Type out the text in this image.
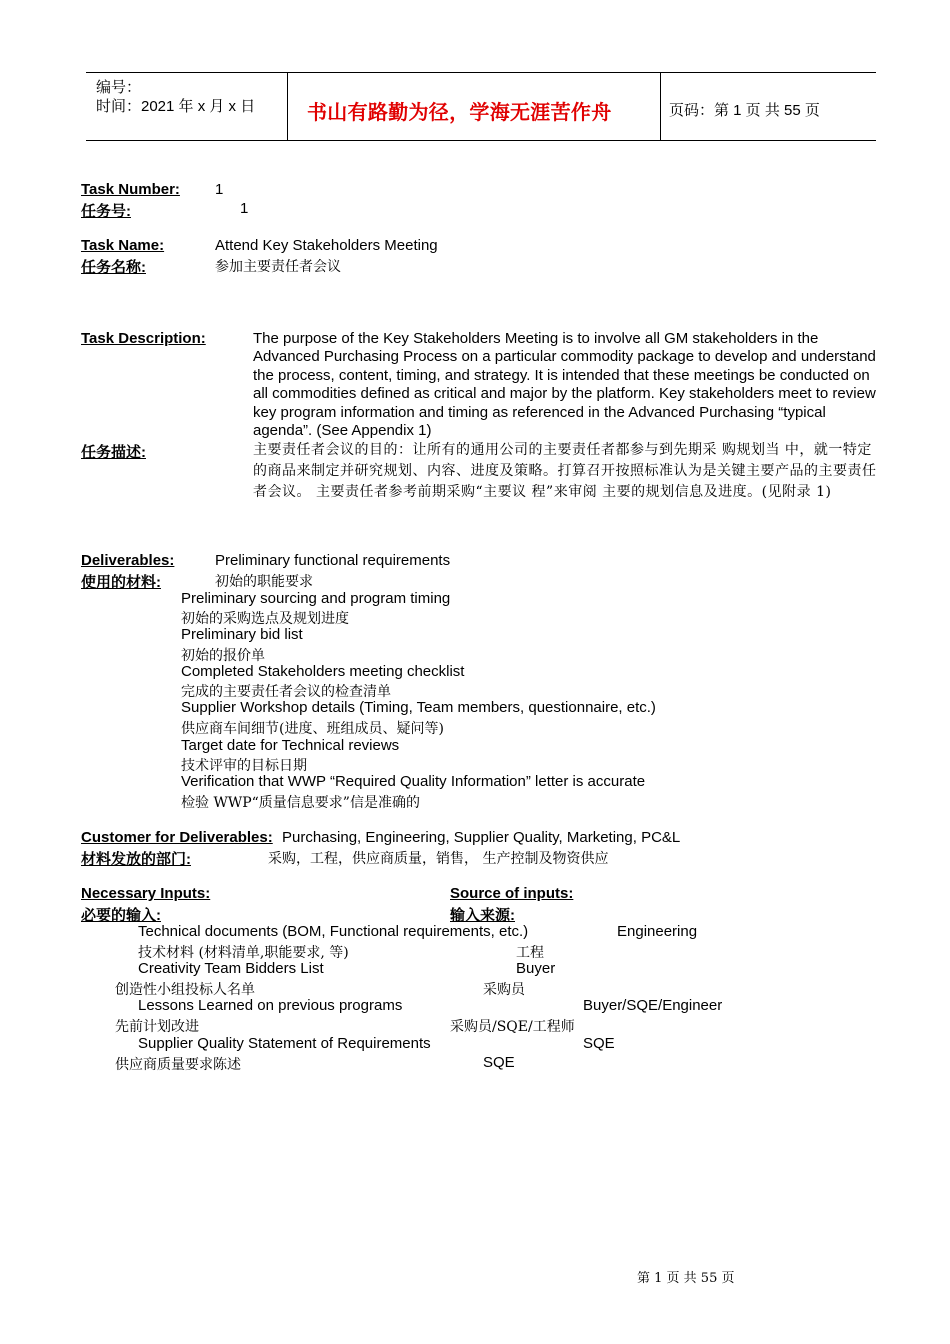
编号：
时间：2021 年 x 月 x 日	书山有路勤为径，学海无涯苦作舟	页码：第 1 页 共 55 页
Task Number: 1
任务号:	1
Task Name:	Attend Key Stakeholders Meeting
任务名称:	参加主要责任者会议
Task Description:	The purpose of the Key Stakeholders Meeting is to involve all GM stakeholders in the Advanced Purchasing Process on a particular commodity package to develop and understand the process, content, timing, and strategy. It is intended that these meetings be conducted on all commodities defined as critical and major by the platform. Key stakeholders meet to review key program information and timing as referenced in the Advanced Purchasing “typical agenda”. (See Appendix 1)
任务描述:	主要责任者会议的目的：让所有的通用公司的主要责任者都参与到先期采 购规划当 中，就一特定的商品来制定并研究规划、内容、进度及策略。打算召开按照标准认为是关键主要产品的主要责任者会议。 主要责任者参考前期采购“主要议 程”来审阅 主要的规划信息及进度。(见附录 1)
Deliverables:
使用的材料:
Preliminary functional requirements
初始的职能要求
Preliminary sourcing and program timing
初始的采购选点及规划进度
Preliminary bid list
初始的报价单
Completed Stakeholders meeting checklist
完成的主要责任者会议的检查清单
Supplier Workshop details (Timing, Team members, questionnaire, etc.)
供应商车间细节(进度、班组成员、疑问等)
Target date for Technical reviews
技术评审的目标日期
Verification that WWP “Required Quality Information” letter is accurate
检验 WWP“质量信息要求”信是准确的
Customer for Deliverables: Purchasing, Engineering, Supplier Quality, Marketing, PC&L
材料发放的部门:	采购，工程，供应商质量，销售， 生产控制及物资供应
Necessary Inputs:	Source of inputs:
必要的输入:	输入来源:
Technical documents (BOM, Functional requirements, etc.)	Engineering
技术材料 (材料清单,职能要求, 等)	工程
Creativity Team Bidders List	Buyer
创造性小组投标人名单	采购员
Lessons Learned on previous programs	Buyer/SQE/Engineer
先前计划改进	采购员/SQE/工程师
Supplier Quality Statement of Requirements	SQE
供应商质量要求陈述	SQE
第 1 页 共 55 页
